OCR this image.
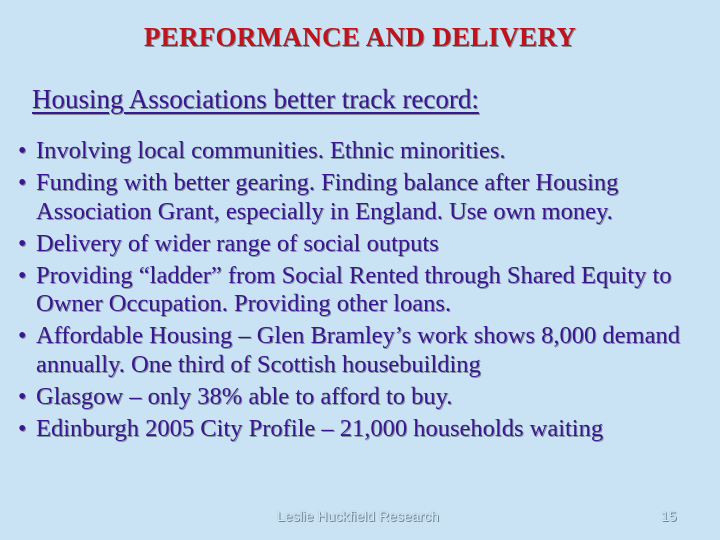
PERFORMANCE AND DELIVERY
Housing Associations better track record:
• Involving local communities. Ethnic minorities.
• Funding with better gearing. Finding balance after Housing Association Grant, especially in England. Use own money.
• Delivery of wider range of social outputs
• Providing “ladder” from Social Rented through Shared Equity to Owner Occupation. Providing other loans.
• Affordable Housing – Glen Bramley’s work shows 8,000 demand annually. One third of Scottish housebuilding
• Glasgow – only 38% able to afford to buy.
• Edinburgh 2005 City Profile – 21,000 households waiting
Leslie Huckfield Research	15
